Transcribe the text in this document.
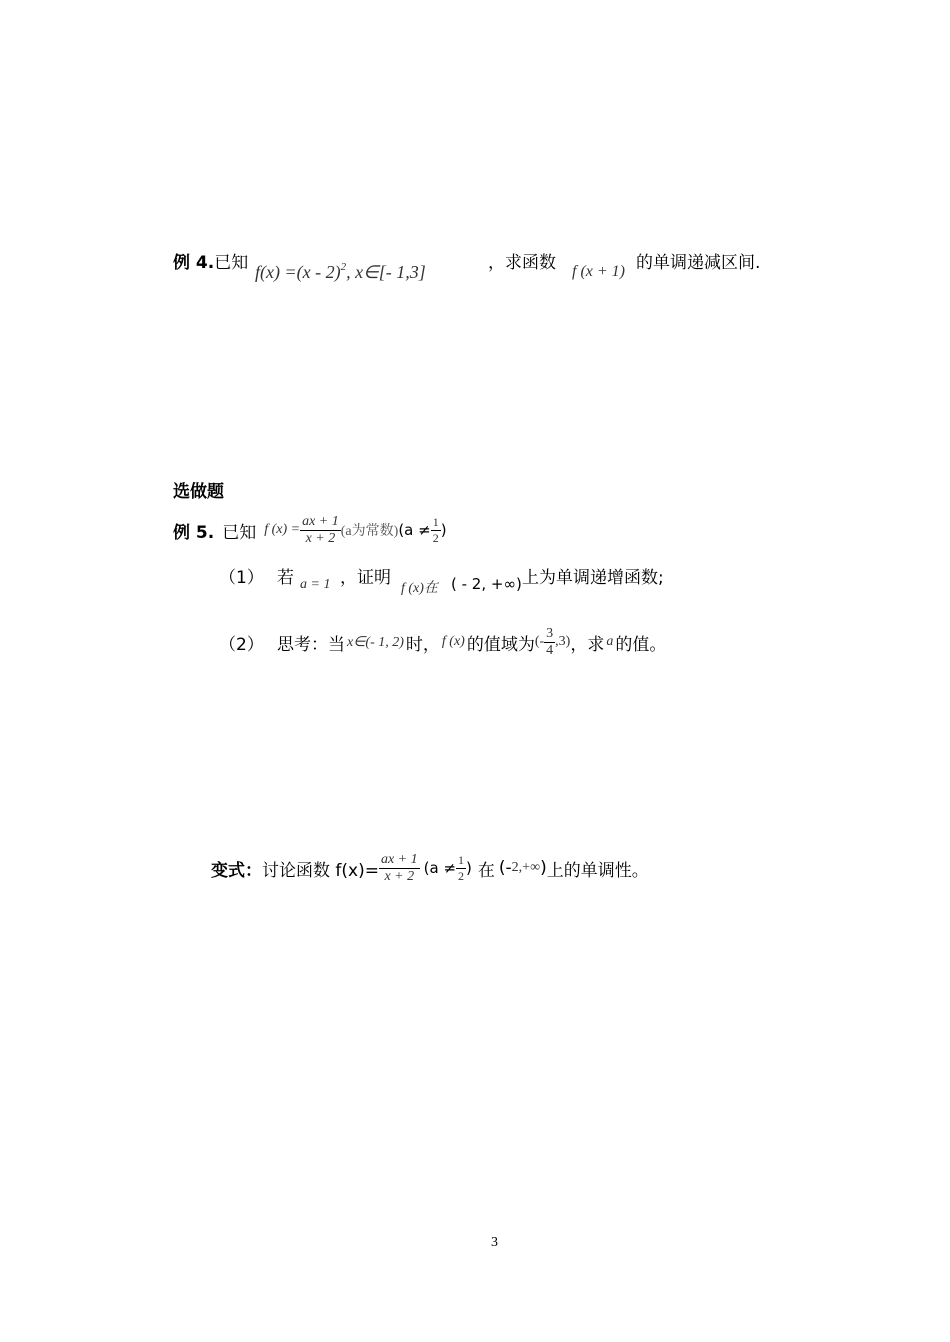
例 4.已知 f(x) =(x - 2)$^2$, x∈[- 1,3]	，求函数 f (x + 1) 的单调递减区间.
选做题
例 5. 已知 f $(x) = \frac{ax + 1}{x + 2} (a$为常数) ($a \ne \frac{1}{2}$ )
（1） 若 a = 1 ，证明
f (x)在 ( - 2, +∞) 上为单调递增函数;
（2） 思考：当 x∈(- 1, 2) 时， f (x) 的值域为 (- $\frac{3}{4} ,3$) ，求 a 的值。
变式： 讨论函数 $f(x)= \frac{ax + 1}{x + 2} (a \ne \frac{1}{2}$ ) 在 (- 2,+∞ ) 上的单调性。
3
